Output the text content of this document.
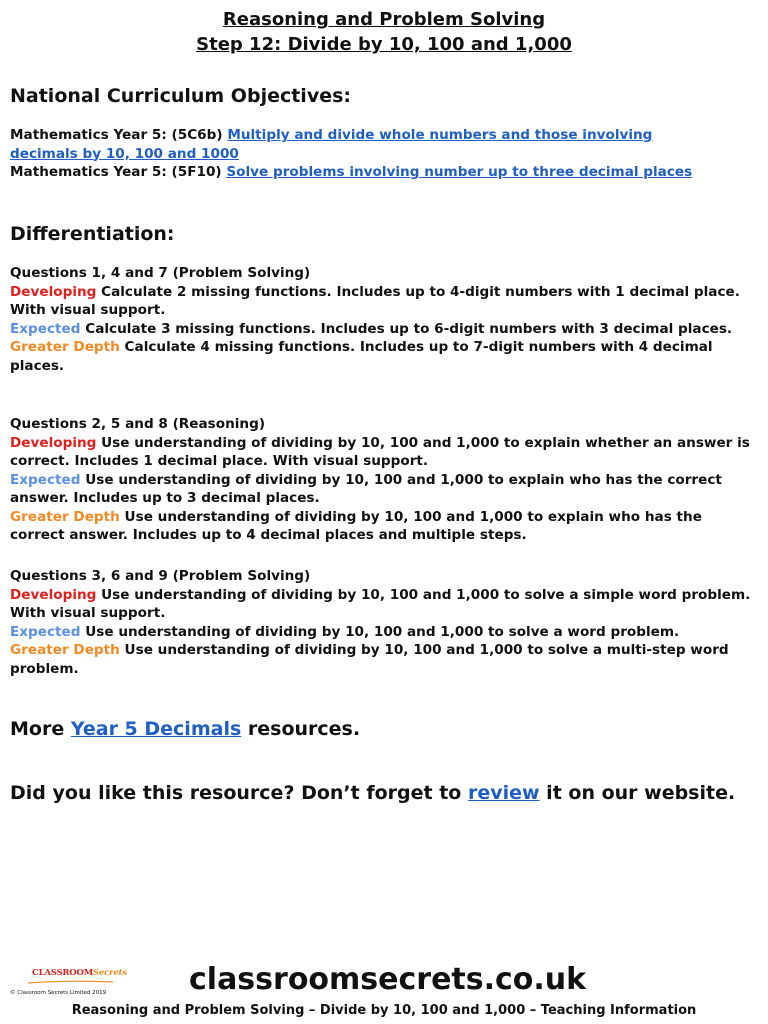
Reasoning and Problem Solving
Step 12: Divide by 10, 100 and 1,000
National Curriculum Objectives:
Mathematics Year 5: (5C6b) Multiply and divide whole numbers and those involving
decimals by 10, 100 and 1000
Mathematics Year 5: (5F10) Solve problems involving number up to three decimal places
Differentiation:
Questions 1, 4 and 7 (Problem Solving)
Developing Calculate 2 missing functions. Includes up to 4-digit numbers with 1 decimal place. With visual support.
Expected Calculate 3 missing functions. Includes up to 6-digit numbers with 3 decimal places.
Greater Depth Calculate 4 missing functions. Includes up to 7-digit numbers with 4 decimal places.
Questions 2, 5 and 8 (Reasoning)
Developing Use understanding of dividing by 10, 100 and 1,000 to explain whether an answer is correct. Includes 1 decimal place. With visual support.
Expected Use understanding of dividing by 10, 100 and 1,000 to explain who has the correct answer. Includes up to 3 decimal places.
Greater Depth Use understanding of dividing by 10, 100 and 1,000 to explain who has the correct answer. Includes up to 4 decimal places and multiple steps.
Questions 3, 6 and 9 (Problem Solving)
Developing Use understanding of dividing by 10, 100 and 1,000 to solve a simple word problem. With visual support.
Expected Use understanding of dividing by 10, 100 and 1,000 to solve a word problem.
Greater Depth Use understanding of dividing by 10, 100 and 1,000 to solve a multi-step word problem.
More Year 5 Decimals resources.
Did you like this resource? Don’t forget to review it on our website.
CLASSROOMSecrets
© Classroom Secrets Limited 2019	classroomsecrets.co.uk
Reasoning and Problem Solving – Divide by 10, 100 and 1,000 – Teaching Information
